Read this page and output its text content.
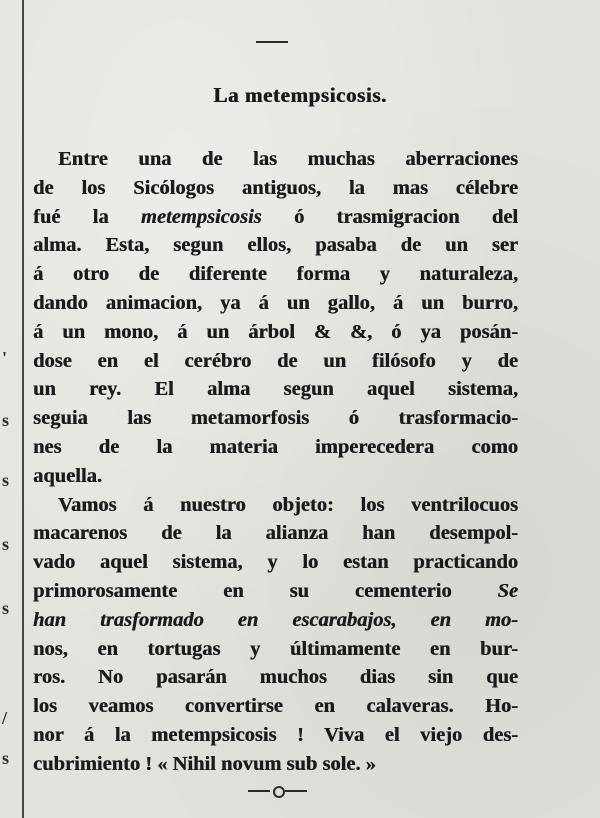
'
s
s
s
s
/
s
La metempsicosis.
Entre una de las muchas aberraciones
de los Sicólogos antiguos, la mas célebre
fué la metempsicosis ó trasmigracion del
alma. Esta, segun ellos, pasaba de un ser
á otro de diferente forma y naturaleza,
dando animacion, ya á un gallo, á un burro,
á un mono, á un árbol & &, ó ya posán-
dose en el cerébro de un filósofo y de
un rey. El alma segun aquel sistema,
seguia las metamorfosis ó trasformacio-
nes de la materia imperecedera como
aquella.
Vamos á nuestro objeto: los ventrilocuos
macarenos de la alianza han desempol-
vado aquel sistema, y lo estan practicando
primorosamente en su cementerio Se
han trasformado en escarabajos, en mo-
nos, en tortugas y últimamente en bur-
ros. No pasarán muchos dias sin que
los veamos convertirse en calaveras. Ho-
nor á la metempsicosis ! Viva el viejo des-
cubrimiento ! « Nihil novum sub sole. »
